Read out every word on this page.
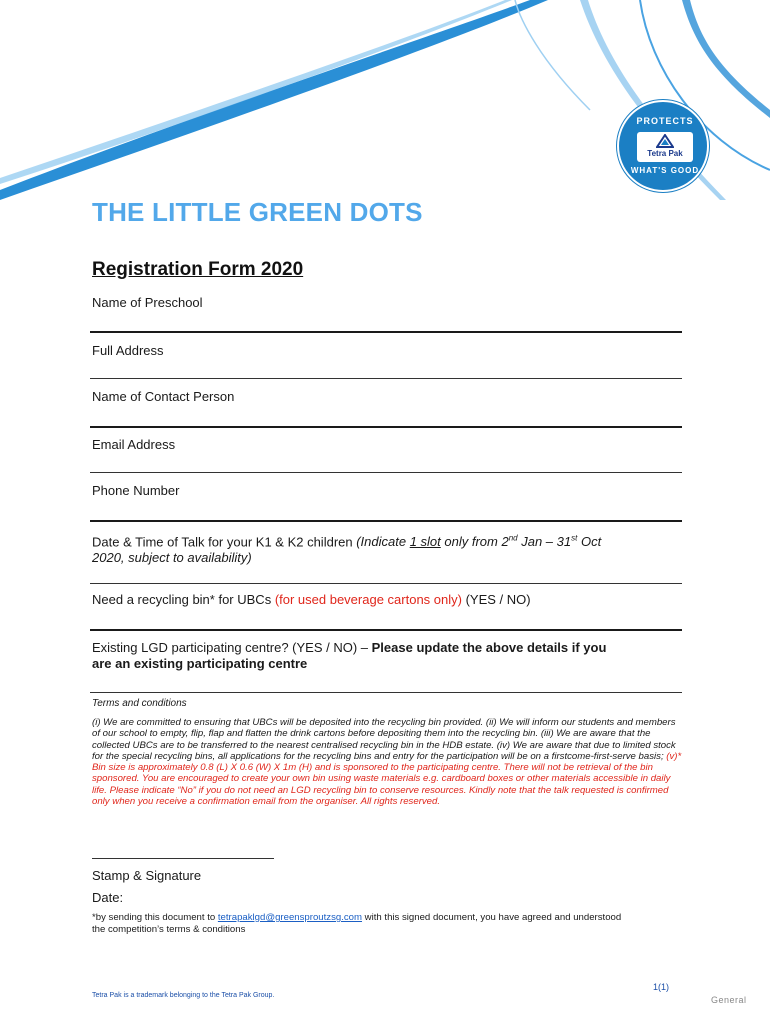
PROTECTS
Tetra Pak
WHAT'S GOOD
THE LITTLE GREEN DOTS
Registration Form 2020
Name of Preschool
Full Address
Name of Contact Person
Email Address
Phone Number
Date & Time of Talk for your K1 & K2 children (Indicate 1 slot only from 2nd Jan – 31st Oct
2020, subject to availability)
Need a recycling bin* for UBCs (for used beverage cartons only) (YES / NO)
Existing LGD participating centre? (YES / NO) – Please update the above details if you
are an existing participating centre
Terms and conditions
(i) We are committed to ensuring that UBCs will be deposited into the recycling bin provided. (ii) We will inform our students and members of our school to empty, flip, flap and flatten the drink cartons before depositing them into the recycling bin. (iii) We are aware that the collected UBCs are to be transferred to the nearest centralised recycling bin in the HDB estate. (iv) We are aware that due to limited stock for the special recycling bins, all applications for the recycling bins and entry for the participation will be on a firstcome-first-serve basis; (v)* Bin size is approximately 0.8 (L) X 0.6 (W) X 1m (H) and is sponsored to the participating centre. There will not be retrieval of the bin sponsored. You are encouraged to create your own bin using waste materials e.g. cardboard boxes or other materials accessible in daily life. Please indicate “No” if you do not need an LGD recycling bin to conserve resources. Kindly note that the talk requested is confirmed only when you receive a confirmation email from the organiser. All rights reserved.
Stamp & Signature
Date:
*by sending this document to tetrapaklgd@greensproutzsg.com with this signed document, you have agreed and understood
the competition’s terms & conditions
Tetra Pak is a trademark belonging to the Tetra Pak Group.
1(1)
General
